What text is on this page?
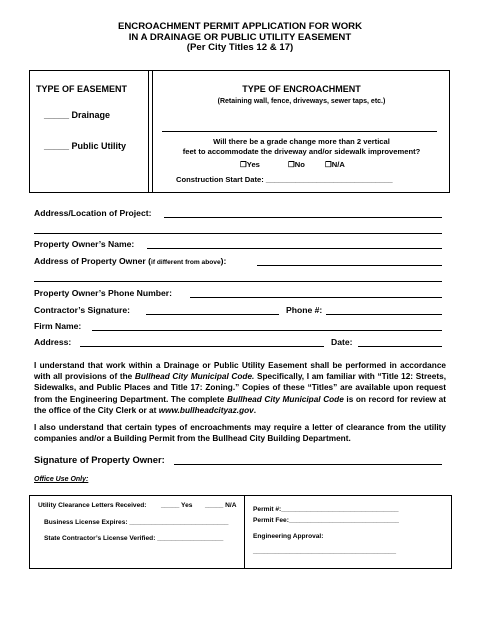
ENCROACHMENT PERMIT APPLICATION FOR WORK
IN A DRAINAGE OR PUBLIC UTILITY EASEMENT
(Per City Titles 12 & 17)
TYPE OF EASEMENT
_____ Drainage
_____ Public Utility
TYPE OF ENCROACHMENT
(Retaining wall, fence, driveways, sewer taps, etc.)
Will there be a grade change more than 2 vertical
feet to accommodate the driveway and/or sidewalk improvement?
❒Yes	❒No	❒N/A
Construction Start Date: ______________________________
Address/Location of Project:
Property Owner’s Name:
Address of Property Owner (if different from above):
Property Owner’s Phone Number:
Contractor’s Signature:	Phone #:
Firm Name:
Address:	Date:
I understand that work within a Drainage or Public Utility Easement shall be performed in accordance with all provisions of the Bullhead City Municipal Code. Specifically, I am familiar with “Title 12: Streets, Sidewalks, and Public Places and Title 17: Zoning.” Copies of these “Titles” are available upon request from the Engineering Department. The complete Bullhead City Municipal Code is on record for review at the office of the City Clerk or at www.bullheadcityaz.gov.
I also understand that certain types of encroachments may require a letter of clearance from the utility companies and/or a Building Permit from the Bullhead City Building Department.
Signature of Property Owner:
Office Use Only:
Utility Clearance Letters Received: _____ Yes _____ N/A
Business License Expires: ___________________________
State Contractor’s License Verified: __________________
Permit #:________________________________
Permit Fee:______________________________
Engineering Approval:
_______________________________________
